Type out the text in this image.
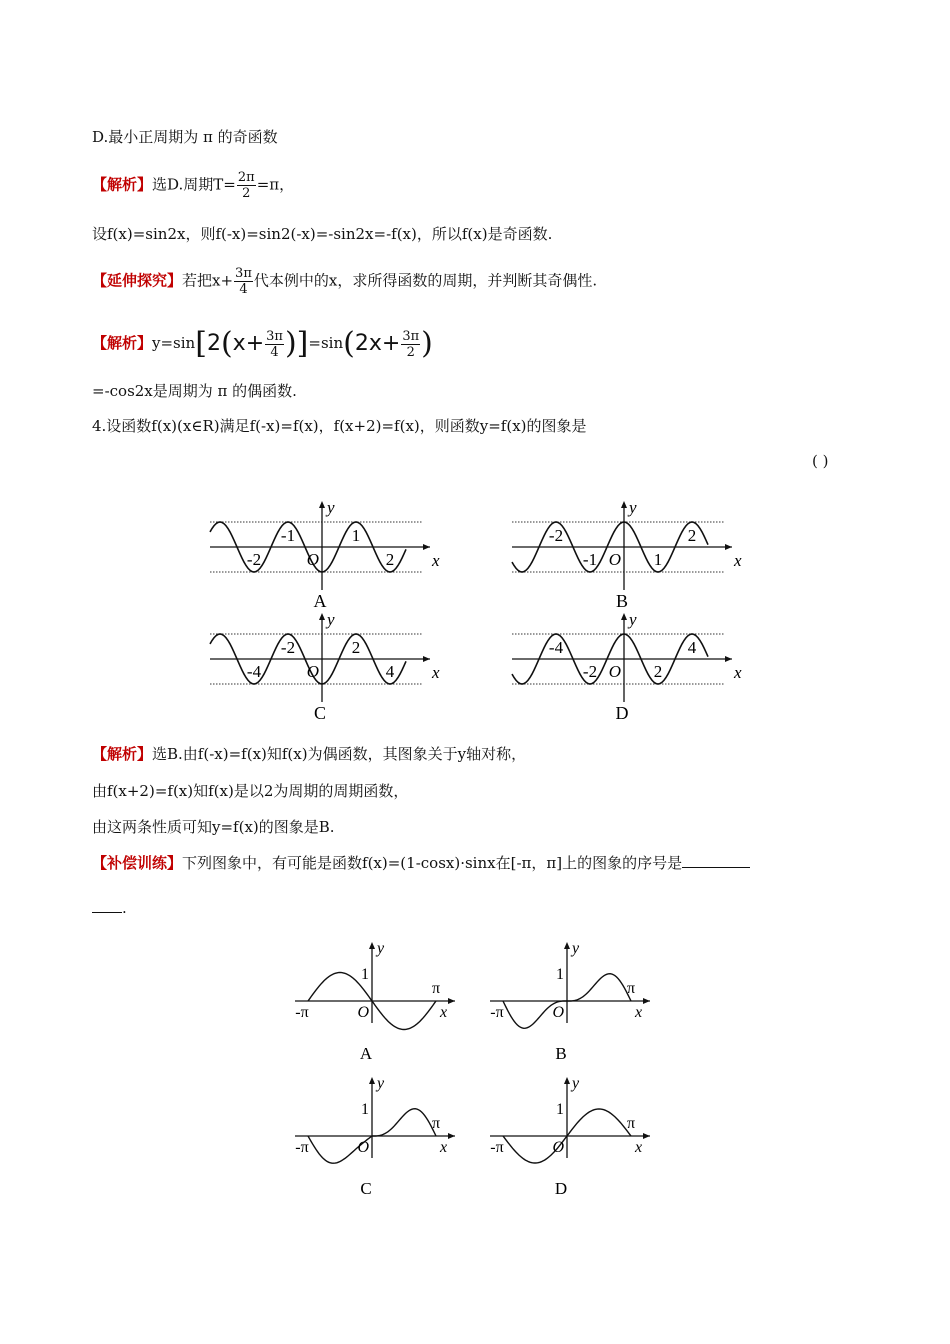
D.最小正周期为 π 的奇函数
【解析】选D.周期$T= \frac{2\pi}{2} =\pi$，
设f(x)=sin2x，则f(-x)=sin2(-x)=-sin2x=-f(x)，所以f(x)是奇函数.
【延伸探究】若把$x+ \frac{3\pi}{4}$ 代本例中的x，求所得函数的周期，并判断其奇偶性.
【解析】$y=\sin[2(x+ \frac{3\pi}{4} )]=\sin(2x+ \frac{3\pi}{2}$ )
=-cos2x是周期为 π 的偶函数.
4.设函数f(x)(x∈R)满足f(-x)=f(x)，f(x+2)=f(x)，则函数y=f(x)的图象是
( )
x
y
O
-1	1
-2	2
A
x
y
O
-2	2
-1	1
B
x
y
O
-2	2
-4	4
C
x
y
O
-4	4
-2	2
D
【解析】选B.由f(-x)=f(x)知f(x)为偶函数，其图象关于y轴对称，
由f(x+2)=f(x)知f(x)是以2为周期的周期函数，
由这两条性质可知y=f(x)的图象是B.
【补偿训练】下列图象中，有可能是函数f(x)=(1-cosx)·sinx在[-π，π]上的图象的序号是
.
x
y
O
1
π
-π
A
x
y
O
1
π
-π
B
x
y
O
1
π
-π
C
x
y
O
1
π
-π
D
